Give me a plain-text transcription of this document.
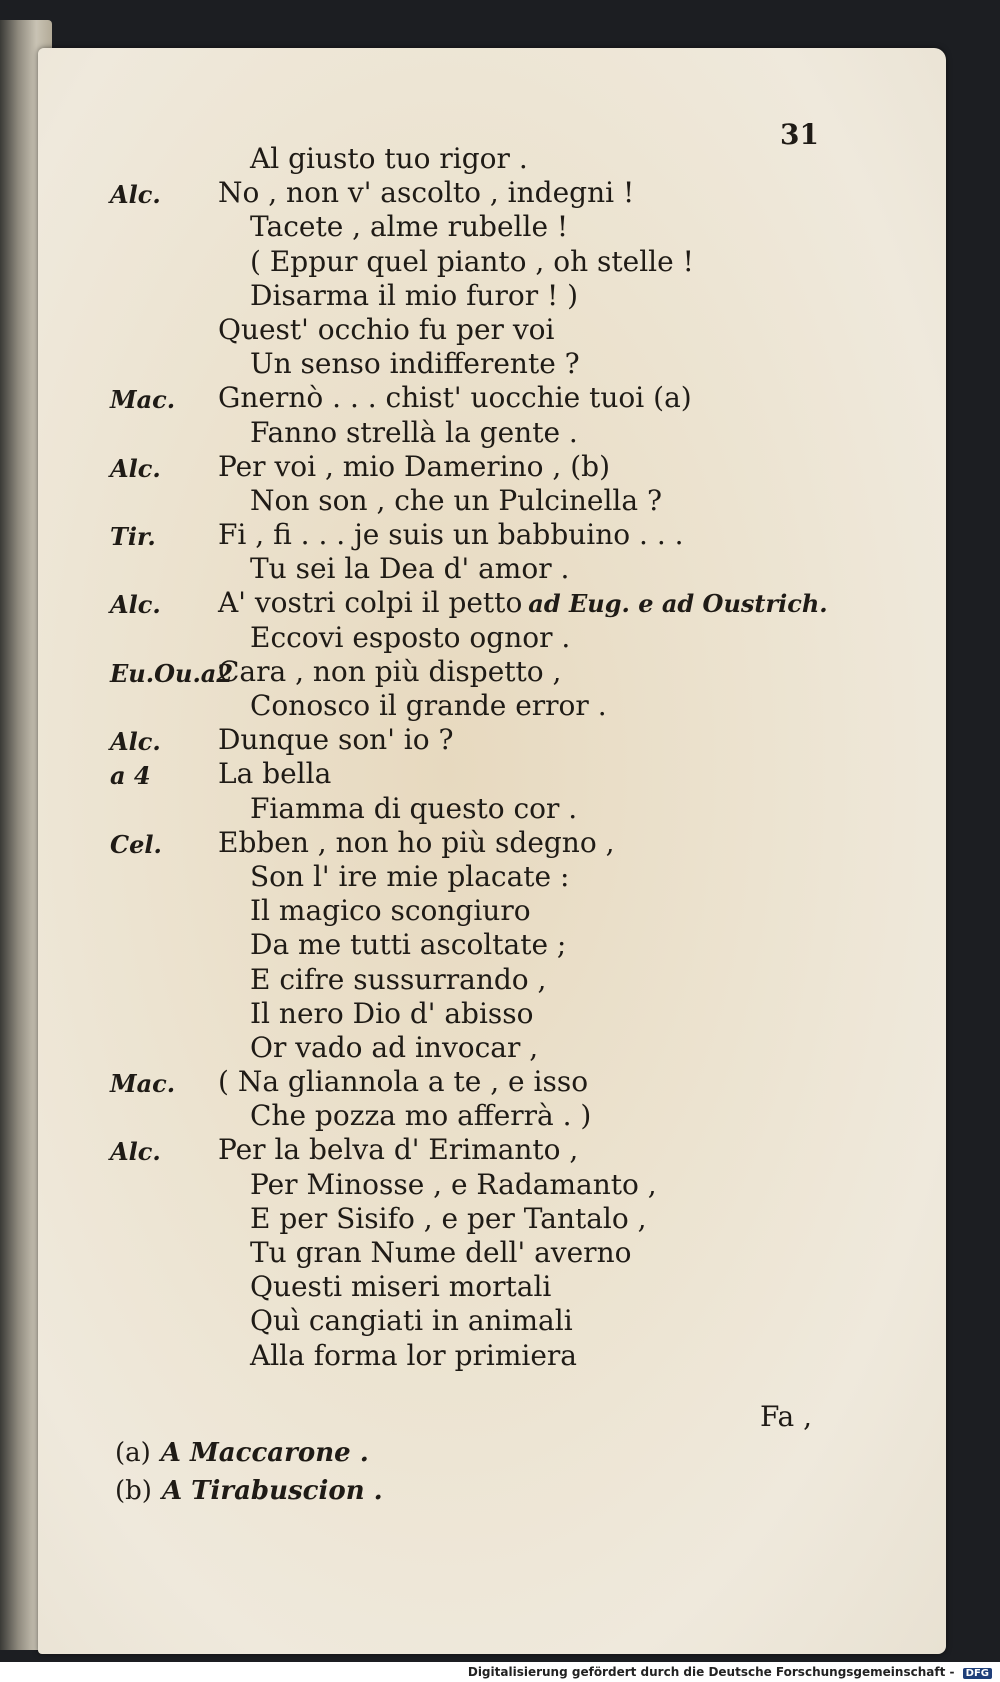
31
Al giusto tuo rigor .
Alc. No , non v' ascolto , indegni !
Tacete , alme rubelle !
( Eppur quel pianto , oh stelle !
Disarma il mio furor ! )
Quest' occhio fu per voi
Un senso indifferente ?
Mac. Gnernò . . . chist' uocchie tuoi (a)
Fanno strellà la gente .
Alc. Per voi , mio Damerino , (b)
Non son , che un Pulcinella ?
Tir. Fi , fi . . . je suis un babbuino . . .
Tu sei la Dea d' amor .
Alc. A' vostri colpi il petto ad Eug. e ad Oustrich.
Eccovi esposto ognor .
Eu.Ou.a2
Cara , non più dispetto ,
Conosco il grande error .
Alc. Dunque son' io ?
a 4 La bella
Fiamma di questo cor .
Cel. Ebben , non ho più sdegno ,
Son l' ire mie placate :
Il magico scongiuro
Da me tutti ascoltate ;
E cifre sussurrando ,
Il nero Dio d' abisso
Or vado ad invocar ,
Mac. ( Na gliannola a te , e isso
Che pozza mo afferrà . )
Alc. Per la belva d' Erimanto ,
Per Minosse , e Radamanto ,
E per Sisifo , e per Tantalo ,
Tu gran Nume dell' averno
Questi miseri mortali
Quì cangiati in animali
Alla forma lor primiera
Fa ,
(a) A Maccarone .
(b) A Tirabuscion .
Digitalisierung gefördert durch die Deutsche Forschungsgemeinschaft - DFG
